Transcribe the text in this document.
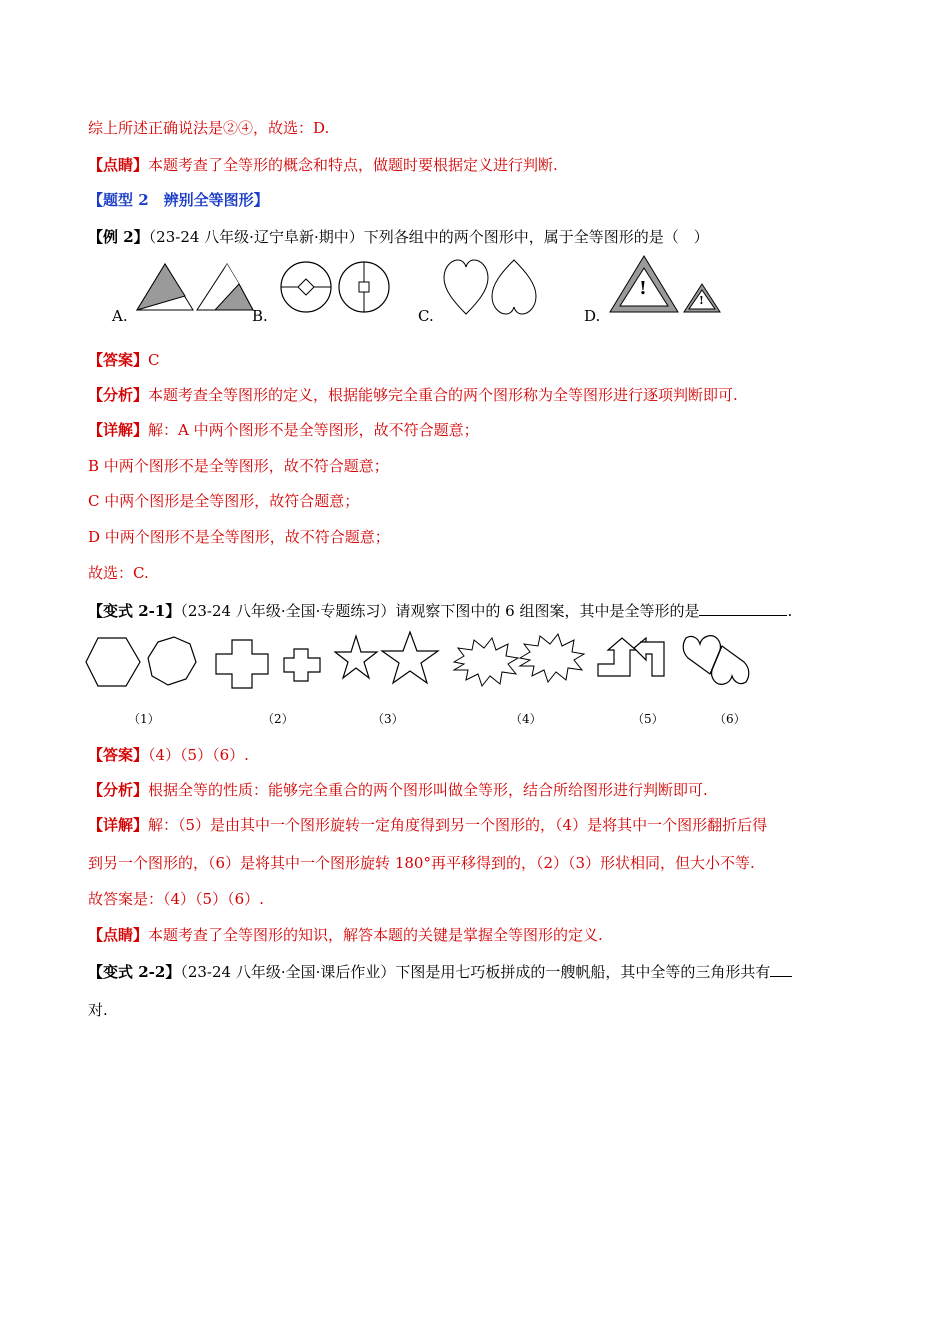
综上所述正确说法是②④，故选：D.
【点睛】本题考查了全等形的概念和特点，做题时要根据定义进行判断.
【题型 2　辨别全等图形】
【例 2】（23-24 八年级·辽宁阜新·期中）下列各组中的两个图形中，属于全等图形的是（　）
A.	B.	C.
!
!
D.
【答案】C
【分析】本题考查全等图形的定义，根据能够完全重合的两个图形称为全等图形进行逐项判断即可.
【详解】解：A 中两个图形不是全等图形，故不符合题意；
B 中两个图形不是全等图形，故不符合题意；
C 中两个图形是全等图形，故符合题意；
D 中两个图形不是全等图形，故不符合题意；
故选：C.
【变式 2-1】（23-24 八年级·全国·专题练习）请观察下图中的 6 组图案，其中是全等形的是	.
（1）	（2）	（3）	（4）	（5）	（6）
【答案】（4）（5）（6）.
【分析】根据全等的性质：能够完全重合的两个图形叫做全等形，结合所给图形进行判断即可.
【详解】解：（5）是由其中一个图形旋转一定角度得到另一个图形的，（4）是将其中一个图形翻折后得
到另一个图形的，（6）是将其中一个图形旋转 180°再平移得到的，（2）（3）形状相同，但大小不等.
故答案是：（4）（5）（6）.
【点睛】本题考查了全等图形的知识，解答本题的关键是掌握全等图形的定义.
【变式 2-2】（23-24 八年级·全国·课后作业）下图是用七巧板拼成的一艘帆船，其中全等的三角形共有
对.
